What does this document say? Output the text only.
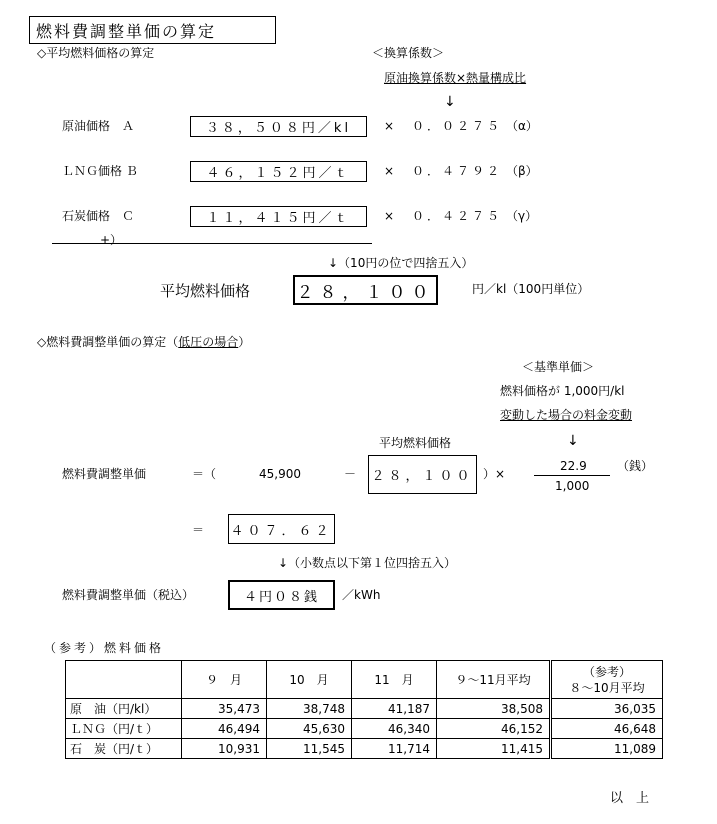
燃料費調整単価の算定
◇平均燃料価格の算定	＜換算係数＞
原油換算係数×熱量構成比
↓
原油価格　Ａ	３８，５０８円／kl	× ０．０２７５ （α）
ＬＮＧ価格 Ｂ	４６，１５２円／ｔ	× ０．４７９２ （β）
石炭価格　Ｃ	１１，４１５円／ｔ	× ０．４２７５ （γ）
+）
↓（10円の位で四捨五入）
平均燃料価格	２８，１００	円／kl（100円単位）
◇燃料費調整単価の算定（低圧の場合）
＜基準単価＞
燃料価格が 1,000円/kl
変動した場合の料金変動
↓
平均燃料価格
燃料費調整単価	＝（	45,900	－ ２８，１００ ）×
22.9
1,000
（銭）
＝ ４０７．６２
↓（小数点以下第１位四捨五入）
燃料費調整単価（税込）	４円０８銭 ／kWh
（参考）燃料価格
	９　月	10　月	11　月	９～11月平均	（参考）
８～10月平均

原　油（円/kl）	35,473	38,748	41,187	38,508	36,035
ＬＮＧ（円/ｔ）	46,494	45,630	46,340	46,152	46,648
石　炭（円/ｔ）	10,931	11,545	11,714	11,415	11,089
以　上
